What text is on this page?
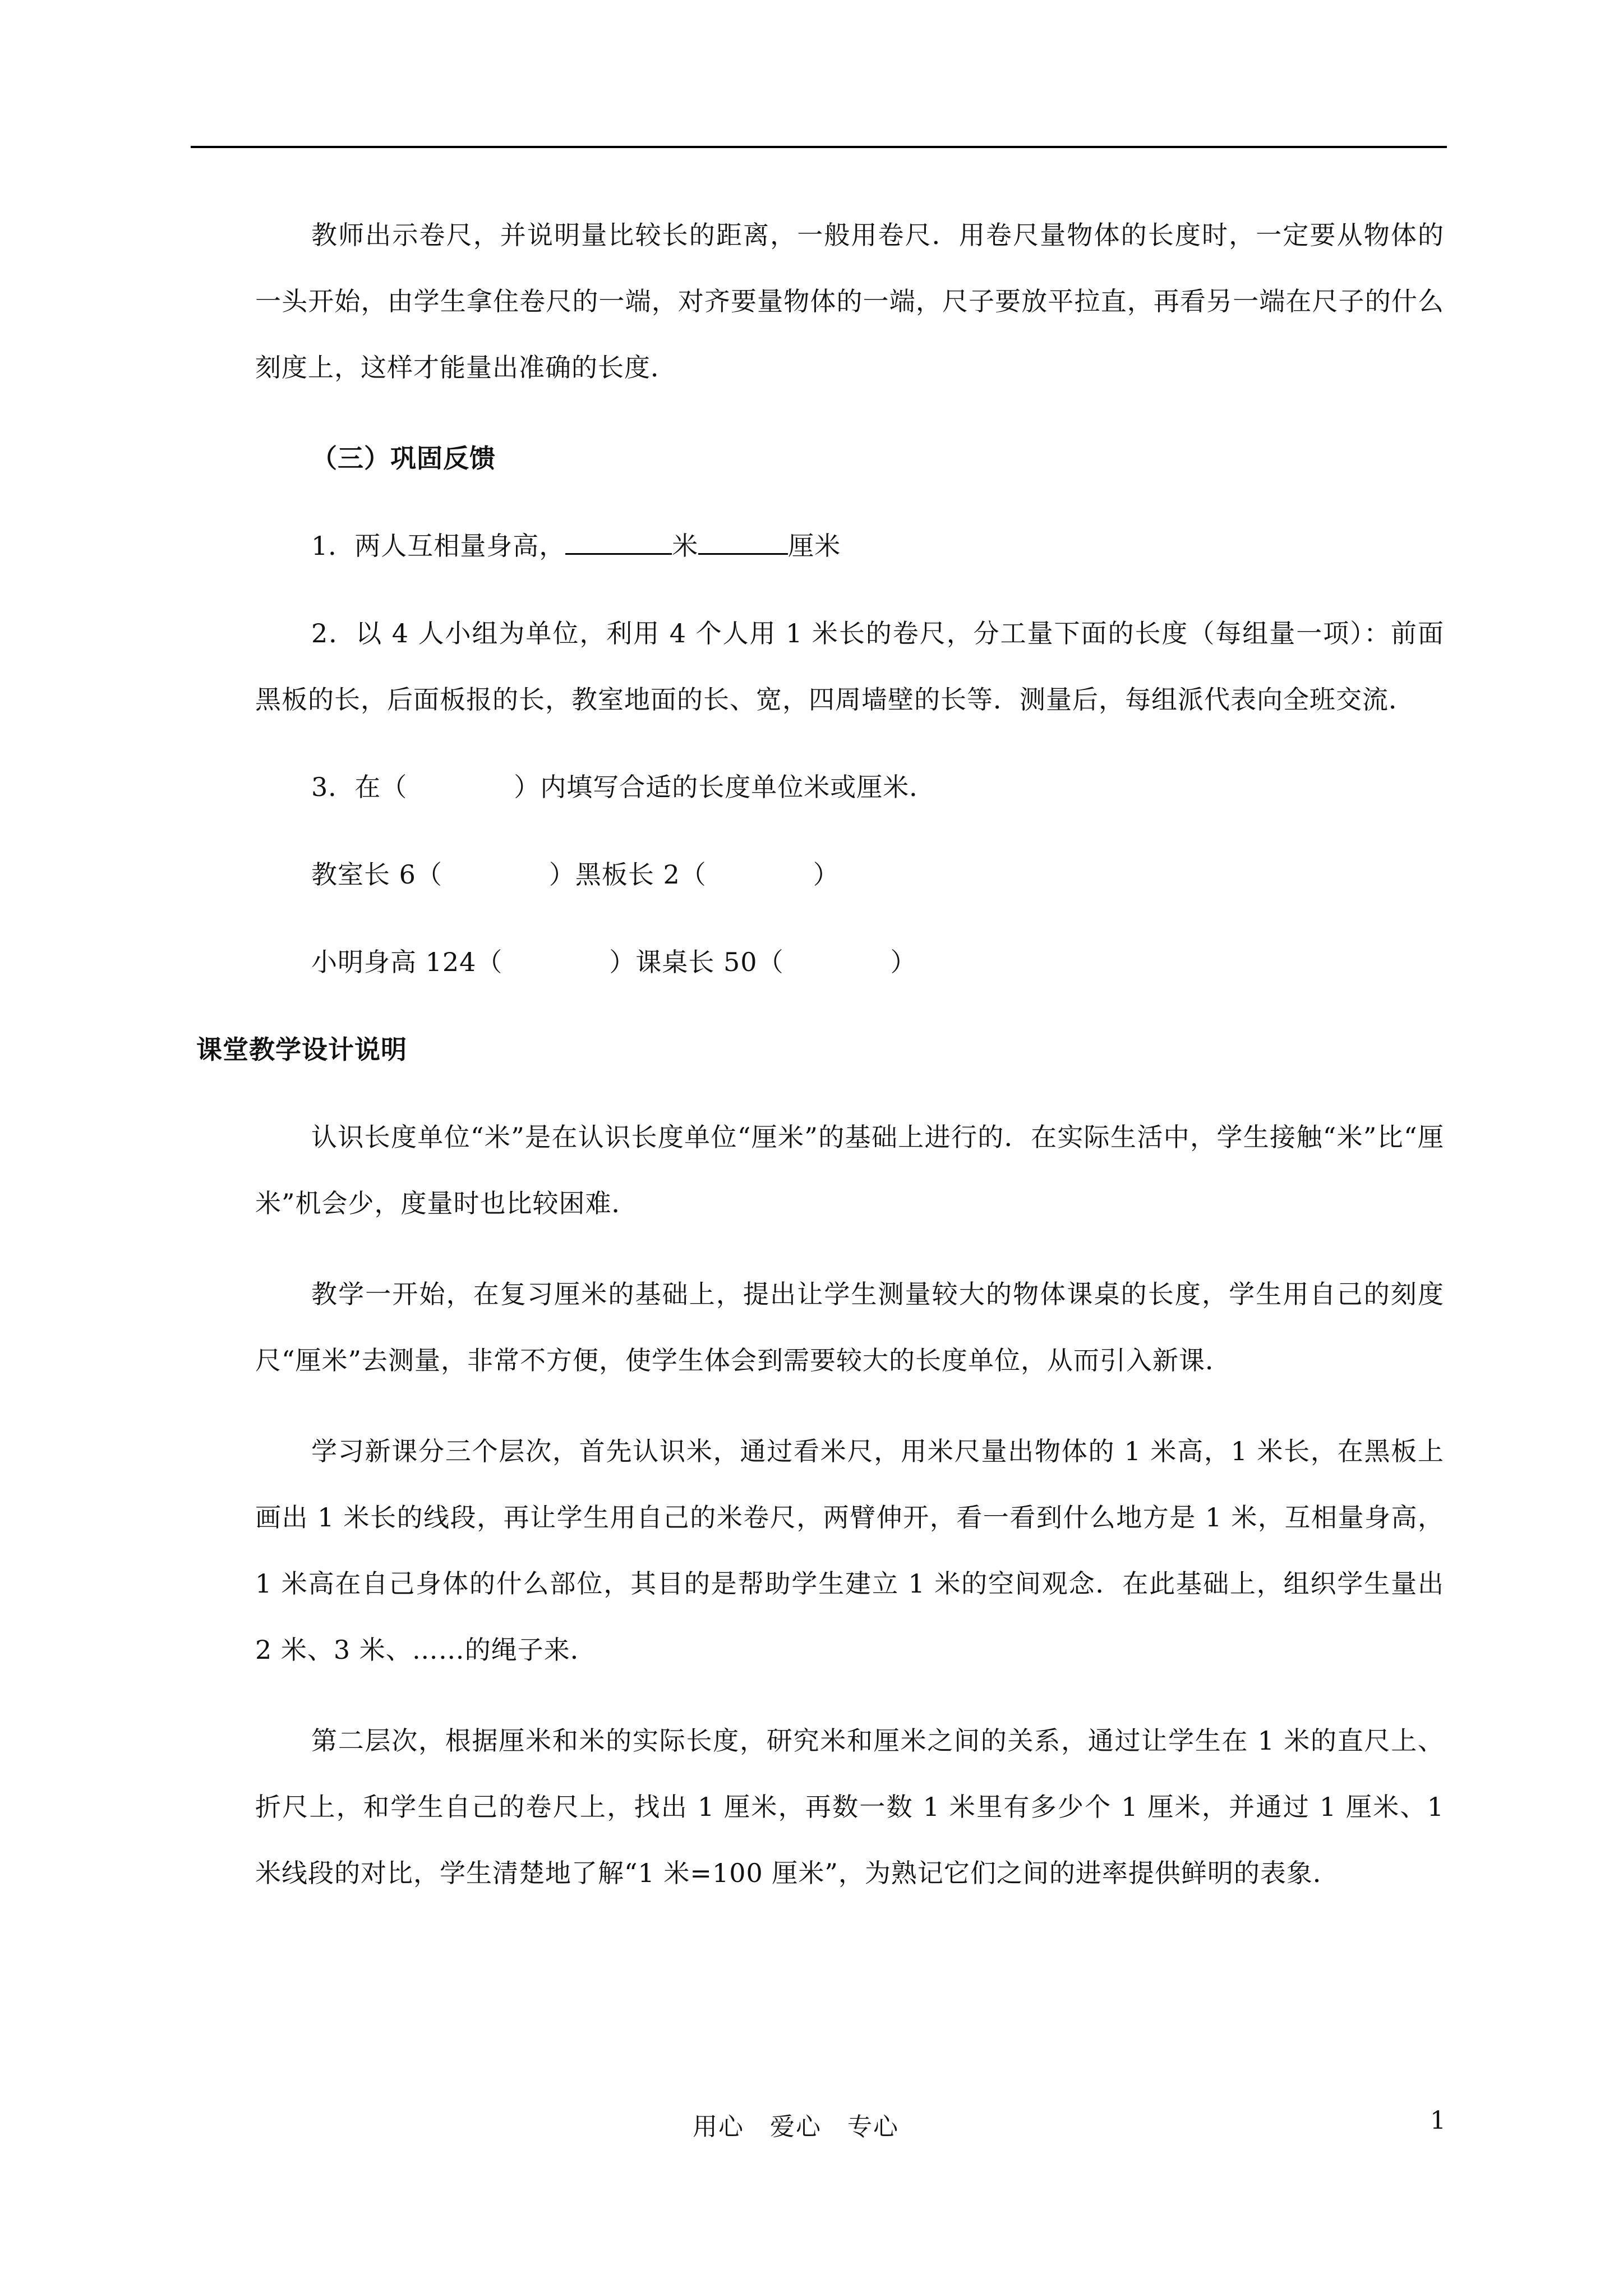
教师出示卷尺，并说明量比较长的距离，一般用卷尺．用卷尺量物体的长度时，一定要从物体的一头开始，由学生拿住卷尺的一端，对齐要量物体的一端，尺子要放平拉直，再看另一端在尺子的什么刻度上，这样才能量出准确的长度．

（三）巩固反馈
1．两人互相量身高，	米	厘米
2．以 4 人小组为单位，利用 4 个人用 1 米长的卷尺，分工量下面的长度（每组量一项）：前面黑板的长，后面板报的长，教室地面的长、宽，四周墙壁的长等．测量后，每组派代表向全班交流．
3．在（	）内填写合适的长度单位米或厘米．
教室长 6（	）黑板长 2（	）
小明身高 124（	）课桌长 50（	）
课堂教学设计说明

认识长度单位“米”是在认识长度单位“厘米”的基础上进行的．在实际生活中，学生接触“米”比“厘米”机会少，度量时也比较困难．

教学一开始，在复习厘米的基础上，提出让学生测量较大的物体课桌的长度，学生用自己的刻度尺“厘米”去测量，非常不方便，使学生体会到需要较大的长度单位，从而引入新课．

学习新课分三个层次，首先认识米，通过看米尺，用米尺量出物体的 1 米高，1 米长，在黑板上画出 1 米长的线段，再让学生用自己的米卷尺，两臂伸开，看一看到什么地方是 1 米，互相量身高，1 米高在自己身体的什么部位，其目的是帮助学生建立 1 米的空间观念．在此基础上，组织学生量出 2 米、3 米、……的绳子来．

第二层次，根据厘米和米的实际长度，研究米和厘米之间的关系，通过让学生在 1 米的直尺上、折尺上，和学生自己的卷尺上，找出 1 厘米，再数一数 1 米里有多少个 1 厘米，并通过 1 厘米、1 米线段的对比，学生清楚地了解“1 米=100 厘米”，为熟记它们之间的进率提供鲜明的表象．

用心　爱心　专心	1
